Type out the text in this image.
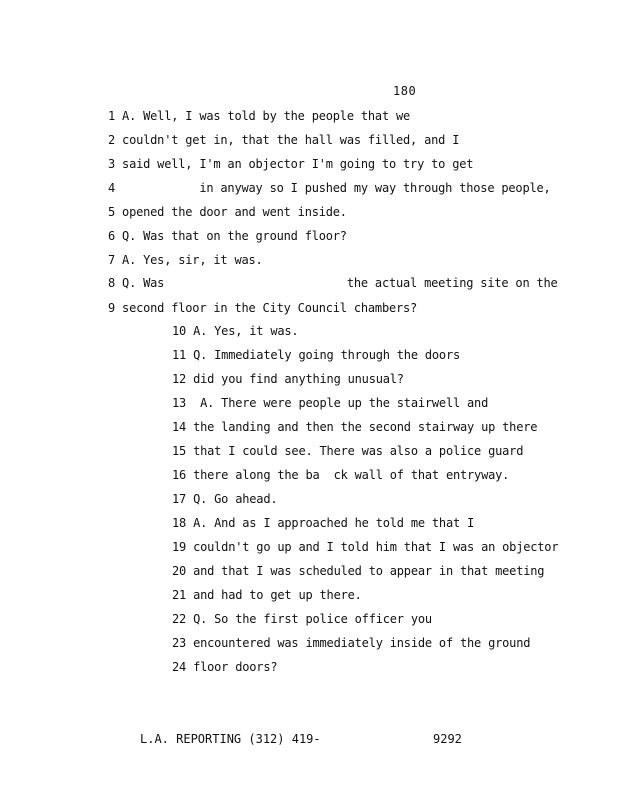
180
1 A. Well, I was told by the people that we
2 couldn't get in, that the hall was filled, and I
3 said well, I'm an objector I'm going to try to get
4            in anyway so I pushed my way through those people,
5 opened the door and went inside.
6 Q. Was that on the ground floor?
7 A. Yes, sir, it was.
8 Q. Was                          the actual meeting site on the
9 second floor in the City Council chambers?
10 A. Yes, it was.
11 Q. Immediately going through the doors
12 did you find anything unusual?
13  A. There were people up the stairwell and
14 the landing and then the second stairway up there
15 that I could see. There was also a police guard
16 there along the ba  ck wall of that entryway.
17 Q. Go ahead.
18 A. And as I approached he told me that I
19 couldn't go up and I told him that I was an objector
20 and that I was scheduled to appear in that meeting
21 and had to get up there.
22 Q. So the first police officer you
23 encountered was immediately inside of the ground
24 floor doors?
L.A. REPORTING (312) 419-	9292
